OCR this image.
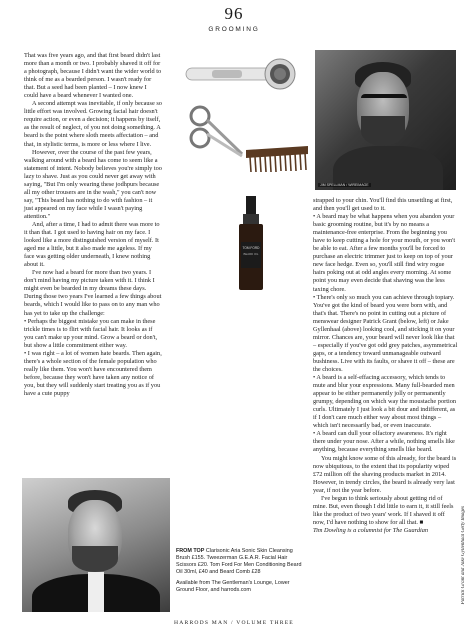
96
GROOMING

That was five years ago, and that first beard didn't last more than a month or two. I probably shaved it off for a photograph, because I didn't want the wider world to think of me as a bearded person. I wasn't ready for that. But a seed had been planted – I now knew I could have a beard whenever I wanted one.

A second attempt was inevitable, if only because so little effort was involved. Growing facial hair doesn't require action, or even a decision; it happens by itself, as the result of neglect, of you not doing something. A beard is the point where sloth meets affectation – and that, in stylistic terms, is more or less where I live.

However, over the course of the past few years, walking around with a beard has come to seem like a statement of intent. Nobody believes you're simply too lazy to shave. Just as you could never get away with saying, "But I'm only wearing these jodhpurs because all my other trousers are in the wash," you can't now say, "This beard has nothing to do with fashion – it just appeared on my face while I wasn't paying attention."

And, after a time, I had to admit there was more to it than that. I got used to having hair on my face. I looked like a more distinguished version of myself. It aged me a little, but it also made me ageless. If my face was getting older underneath, I knew nothing about it.

I've now had a beard for more than two years. I don't mind having my picture taken with it. I think I might even be bearded in my dreams these days. During those two years I've learned a few things about beards, which I would like to pass on to any man who has yet to take up the challenge:

• Perhaps the biggest mistake you can make in these trickle times is to flirt with facial hair. It looks as if you can't make up your mind. Grow a beard or don't, but show a little commitment either way.

• I was right – a lot of women hate beards. Then again, there's a whole section of the female population who really like them. You won't have encountered them before, because they won't have taken any notice of you, but they will suddenly start treating you as if you have a cute puppy

JIM SPELLMAN / WIREIMAGE
TOM FORD
BEARD OIL

strapped to your chin. You'll find this unsettling at first, and then you'll get used to it.

• A beard may be what happens when you abandon your basic grooming routine, but it's by no means a maintenance-free enterprise. From the beginning you have to keep cutting a hole for your mouth, or you won't be able to eat. After a few months you'll be forced to purchase an electric trimmer just to keep on top of your new face hedge. Even so, you'll still find wiry rogue hairs poking out at odd angles every morning. At some point you may even decide that shaving was the less taxing chore.

• There's only so much you can achieve through topiary. You've got the kind of beard you were born with, and that's that. There's no point in cutting out a picture of menswear designer Patrick Grant (below, left) or Jake Gyllenhaal (above) looking cool, and sticking it on your mirror. Chances are, your beard will never look like that – especially if you've got odd grey patches, asymmetrical gaps, or a tendency toward unmanageable outward bushiness. Live with its faults, or shave it off – these are the choices.

• A beard is a self-effacing accessory, which tends to mute and blur your expressions. Many full-bearded men appear to be either permanently jolly or permanently grumpy, depending on which way the moustache portion curls. Ultimately I just look a bit dour and indifferent, as if I don't care much either way about most things – which isn't necessarily bad, or even inaccurate.

• A beard can dull your olfactory awareness. It's right there under your nose. After a while, nothing smells like anything, because everything smells like beard.

You might know some of this already, for the beard is now ubiquitous, to the extent that its popularity wiped £72 million off the shaving products market in 2014. However, in trendy circles, the beard is already very last year, if not the year before.

I've begun to think seriously about getting rid of mine. But, even though I did little to earn it, it still feels like the product of two years' work. If I shaved it off now, I'd have nothing to show for all that. ■

Tim Dowling is a columnist for The Guardian

FROM TOP Clarisonic Aria Sonic Skin Cleansing Brush £155. Tweezerman G.E.A.R. Facial Hair Scissors £20. Tom Ford For Men Conditioning Beard Oil 30ml, £40 and Beard Comb £28

Available from The Gentleman's Lounge, Lower Ground Floor, and harrods.com	Patrick Grant and Jake Gyllenhaal Getty Images
HARRODS MAN / VOLUME THREE
